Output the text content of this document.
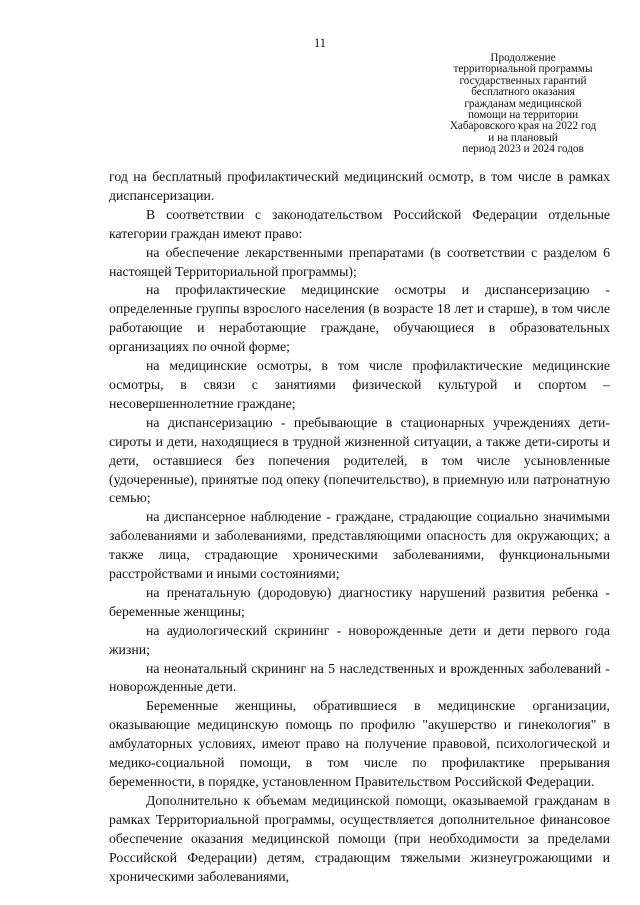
11
Продолжение
территориальной программы
государственных гарантий
бесплатного оказания
гражданам медицинской
помощи на территории
Хабаровского края на 2022 год
и на плановый
период 2023 и 2024 годов

год на бесплатный профилактический медицинский осмотр, в том числе в рамках диспансеризации.

В соответствии с законодательством Российской Федерации отдельные категории граждан имеют право:

на обеспечение лекарственными препаратами (в соответствии с разделом 6 настоящей Территориальной программы);

на профилактические медицинские осмотры и диспансеризацию - определенные группы взрослого населения (в возрасте 18 лет и старше), в том числе работающие и неработающие граждане, обучающиеся в образовательных организациях по очной форме;

на медицинские осмотры, в том числе профилактические медицинские осмотры, в связи с занятиями физической культурой и спортом – несовершеннолетние граждане;

на диспансеризацию - пребывающие в стационарных учреждениях дети-сироты и дети, находящиеся в трудной жизненной ситуации, а также дети-сироты и дети, оставшиеся без попечения родителей, в том числе усыновленные (удочеренные), принятые под опеку (попечительство), в приемную или патронатную семью;

на диспансерное наблюдение - граждане, страдающие социально значимыми заболеваниями и заболеваниями, представляющими опасность для окружающих; а также лица, страдающие хроническими заболеваниями, функциональными расстройствами и иными состояниями;

на пренатальную (дородовую) диагностику нарушений развития ребенка - беременные женщины;

на аудиологический скрининг - новорожденные дети и дети первого года жизни;

на неонатальный скрининг на 5 наследственных и врожденных заболеваний - новорожденные дети.

Беременные женщины, обратившиеся в медицинские организации, оказывающие медицинскую помощь по профилю "акушерство и гинекология" в амбулаторных условиях, имеют право на получение правовой, психологической и медико-социальной помощи, в том числе по профилактике прерывания беременности, в порядке, установленном Правительством Российской Федерации.

Дополнительно к объемам медицинской помощи, оказываемой гражданам в рамках Территориальной программы, осуществляется дополнительное финансовое обеспечение оказания медицинской помощи (при необходимости за пределами Российской Федерации) детям, страдающим тяжелыми жизнеугрожающими и хроническими заболеваниями,
